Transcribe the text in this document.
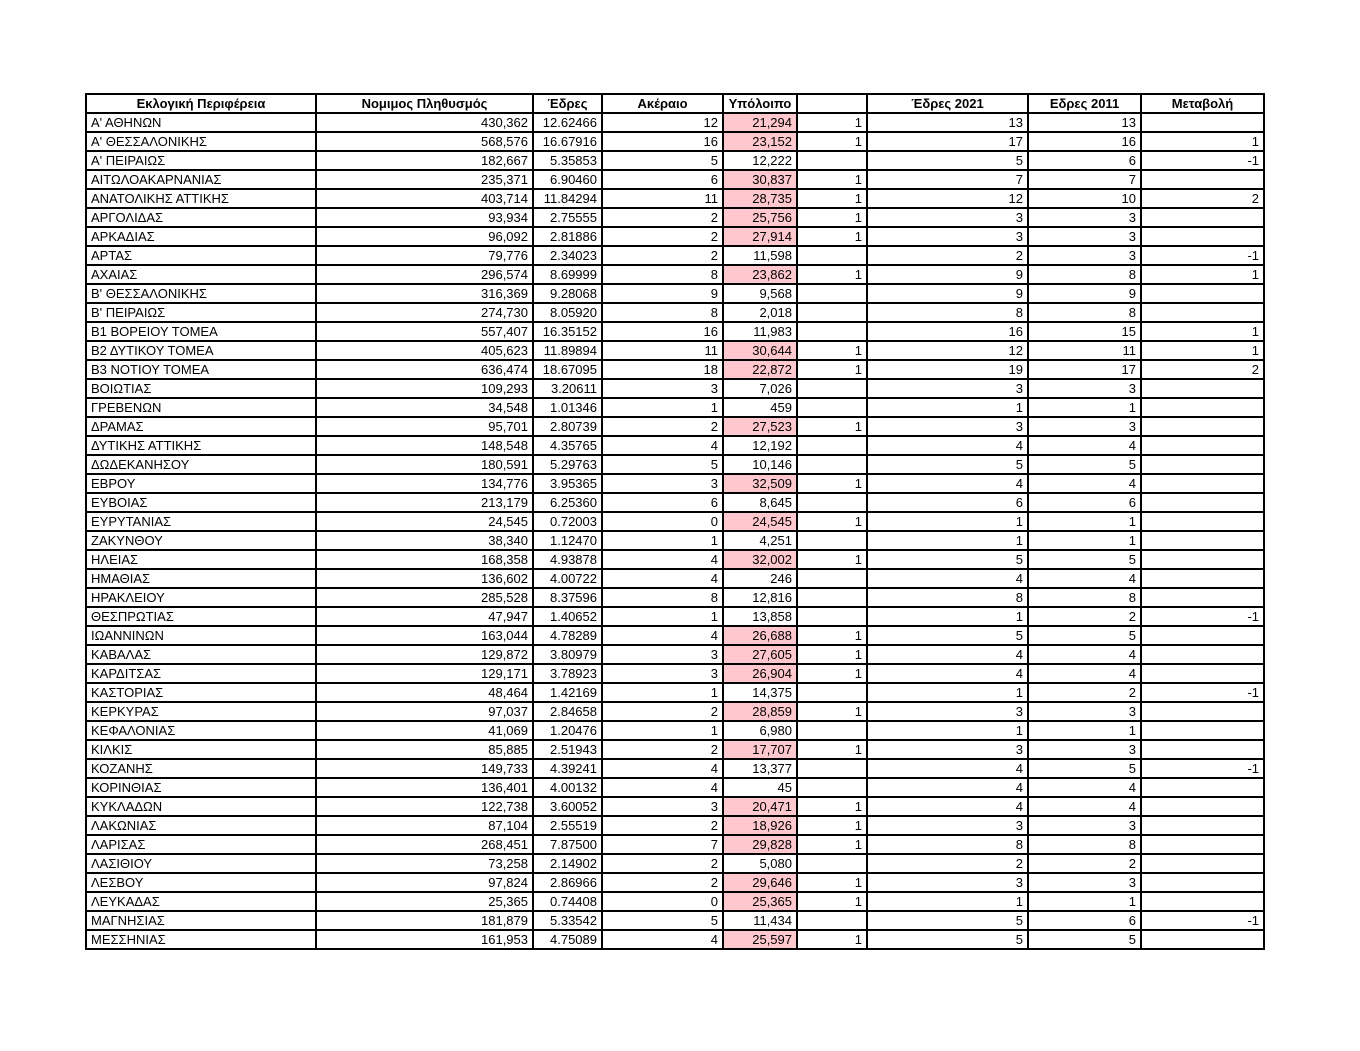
Εκλογική Περιφέρεια	Νομιμος Πληθυσμός	Έδρες	Ακέραιο	Υπόλοιπο		Έδρες 2021	Εδρες 2011	Μεταβολή
Α' ΑΘΗΝΩΝ	430,362	12.62466	12	21,294	1	13	13	
Α' ΘΕΣΣΑΛΟΝΙΚΗΣ	568,576	16.67916	16	23,152	1	17	16	1
Α' ΠΕΙΡΑΙΩΣ	182,667	5.35853	5	12,222		5	6	-1
ΑΙΤΩΛΟΑΚΑΡΝΑΝΙΑΣ	235,371	6.90460	6	30,837	1	7	7	
ΑΝΑΤΟΛΙΚΗΣ ΑΤΤΙΚΗΣ	403,714	11.84294	11	28,735	1	12	10	2
ΑΡΓΟΛΙΔΑΣ	93,934	2.75555	2	25,756	1	3	3	
ΑΡΚΑΔΙΑΣ	96,092	2.81886	2	27,914	1	3	3	
ΑΡΤΑΣ	79,776	2.34023	2	11,598		2	3	-1
ΑΧΑΙΑΣ	296,574	8.69999	8	23,862	1	9	8	1
Β' ΘΕΣΣΑΛΟΝΙΚΗΣ	316,369	9.28068	9	9,568		9	9	
Β' ΠΕΙΡΑΙΩΣ	274,730	8.05920	8	2,018		8	8	
Β1 ΒΟΡΕΙΟΥ ΤΟΜΕΑ	557,407	16.35152	16	11,983		16	15	1
Β2 ΔΥΤΙΚΟΥ ΤΟΜΕΑ	405,623	11.89894	11	30,644	1	12	11	1
Β3 ΝΟΤΙΟΥ ΤΟΜΕΑ	636,474	18.67095	18	22,872	1	19	17	2
ΒΟΙΩΤΙΑΣ	109,293	3.20611	3	7,026		3	3	
ΓΡΕΒΕΝΩΝ	34,548	1.01346	1	459		1	1	
ΔΡΑΜΑΣ	95,701	2.80739	2	27,523	1	3	3	
ΔΥΤΙΚΗΣ ΑΤΤΙΚΗΣ	148,548	4.35765	4	12,192		4	4	
ΔΩΔΕΚΑΝΗΣΟΥ	180,591	5.29763	5	10,146		5	5	
ΕΒΡΟΥ	134,776	3.95365	3	32,509	1	4	4	
ΕΥΒΟΙΑΣ	213,179	6.25360	6	8,645		6	6	
ΕΥΡΥΤΑΝΙΑΣ	24,545	0.72003	0	24,545	1	1	1	
ΖΑΚΥΝΘΟΥ	38,340	1.12470	1	4,251		1	1	
ΗΛΕΙΑΣ	168,358	4.93878	4	32,002	1	5	5	
ΗΜΑΘΙΑΣ	136,602	4.00722	4	246		4	4	
ΗΡΑΚΛΕΙΟΥ	285,528	8.37596	8	12,816		8	8	
ΘΕΣΠΡΩΤΙΑΣ	47,947	1.40652	1	13,858		1	2	-1
ΙΩΑΝΝΙΝΩΝ	163,044	4.78289	4	26,688	1	5	5	
ΚΑΒΑΛΑΣ	129,872	3.80979	3	27,605	1	4	4	
ΚΑΡΔΙΤΣΑΣ	129,171	3.78923	3	26,904	1	4	4	
ΚΑΣΤΟΡΙΑΣ	48,464	1.42169	1	14,375		1	2	-1
ΚΕΡΚΥΡΑΣ	97,037	2.84658	2	28,859	1	3	3	
ΚΕΦΑΛΟΝΙΑΣ	41,069	1.20476	1	6,980		1	1	
ΚΙΛΚΙΣ	85,885	2.51943	2	17,707	1	3	3	
ΚΟΖΑΝΗΣ	149,733	4.39241	4	13,377		4	5	-1
ΚΟΡΙΝΘΙΑΣ	136,401	4.00132	4	45		4	4	
ΚΥΚΛΑΔΩΝ	122,738	3.60052	3	20,471	1	4	4	
ΛΑΚΩΝΙΑΣ	87,104	2.55519	2	18,926	1	3	3	
ΛΑΡΙΣΑΣ	268,451	7.87500	7	29,828	1	8	8	
ΛΑΣΙΘΙΟΥ	73,258	2.14902	2	5,080		2	2	
ΛΕΣΒΟΥ	97,824	2.86966	2	29,646	1	3	3	
ΛΕΥΚΑΔΑΣ	25,365	0.74408	0	25,365	1	1	1	
ΜΑΓΝΗΣΙΑΣ	181,879	5.33542	5	11,434		5	6	-1
ΜΕΣΣΗΝΙΑΣ	161,953	4.75089	4	25,597	1	5	5	
